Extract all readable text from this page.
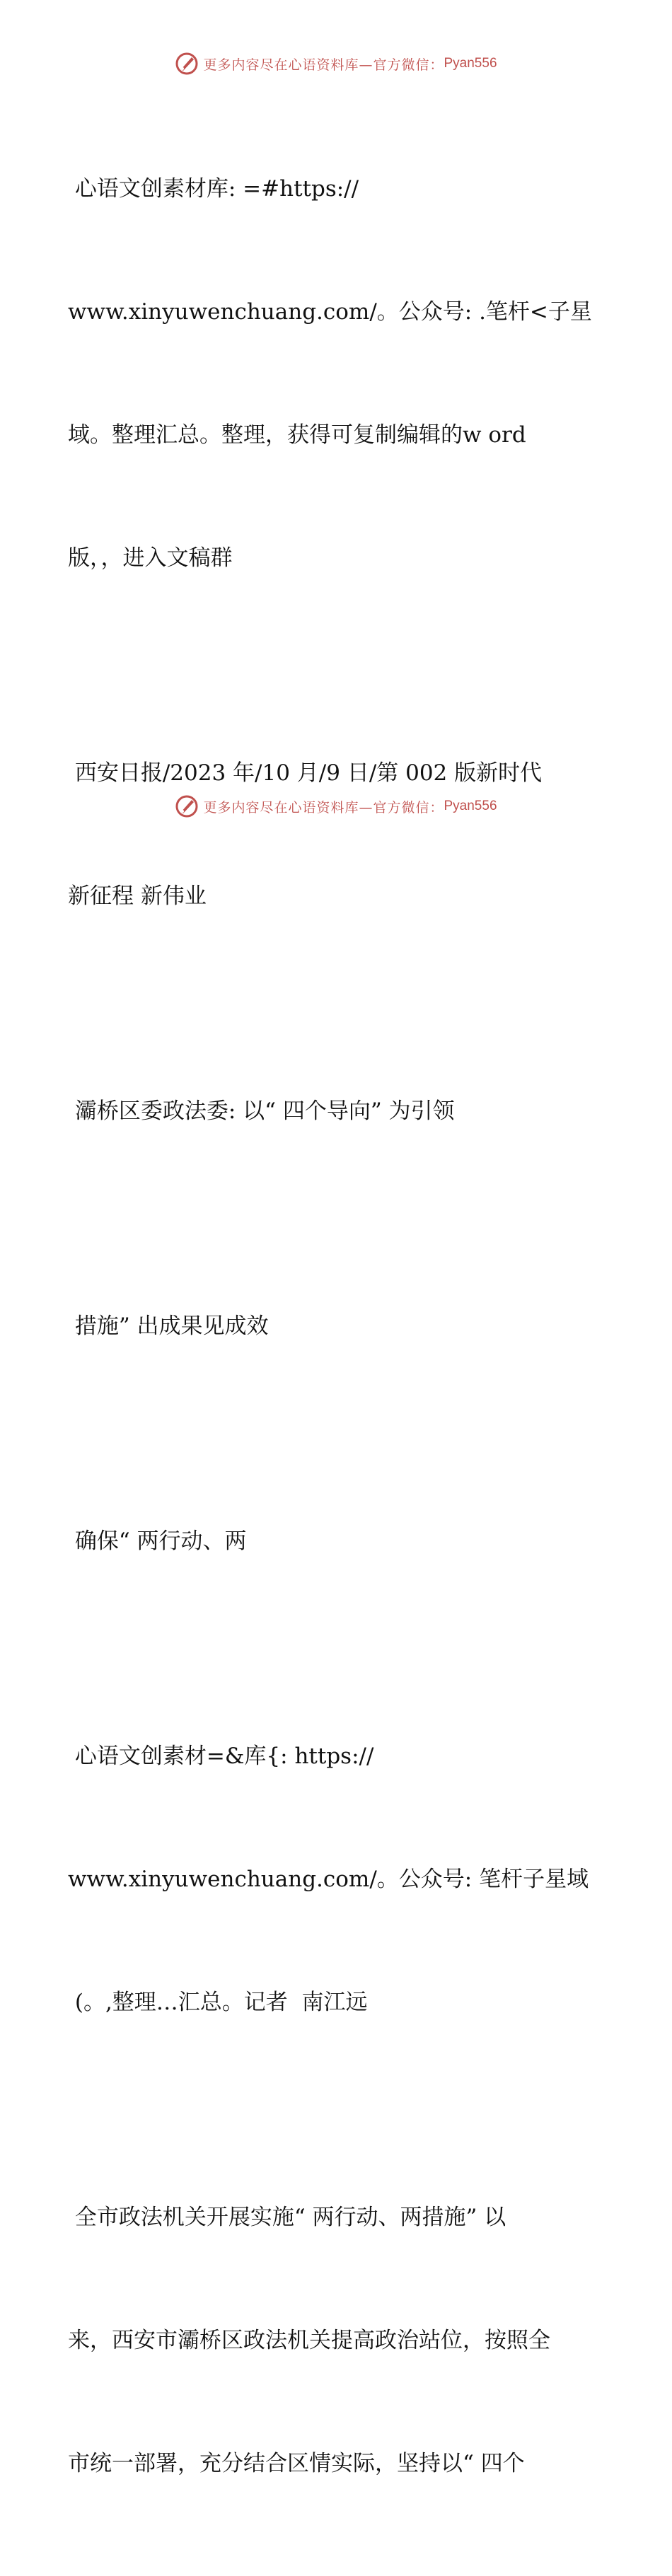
更多内容尽在心语资料库—官方微信： Pyan556

心语文创素材库: =#https://

www.xinyuwenchuang.com/。公众号: .笔杆<子星

域。整理汇总。整理，获得可复制编辑的w ord

版，，进入文稿群

西安日报/2023 年/10 月/9 日/第 002 版新时代

新征程 新伟业

灞桥区委政法委: 以“ 四个导向” 为引领

措施” 出成果见成效

确保“ 两行动、两

心语文创素材=&库{: https://

www.xinyuwenchuang.com/。公众号: 笔杆子星域

(。,整理…汇总。记者  南江远

全市政法机关开展实施“ 两行动、两措施” 以

来，西安市灞桥区政法机关提高政治站位，按照全

市统一部署，充分结合区情实际，坚持以“ 四个

更多内容尽在心语资料库—官方微信： Pyan556
